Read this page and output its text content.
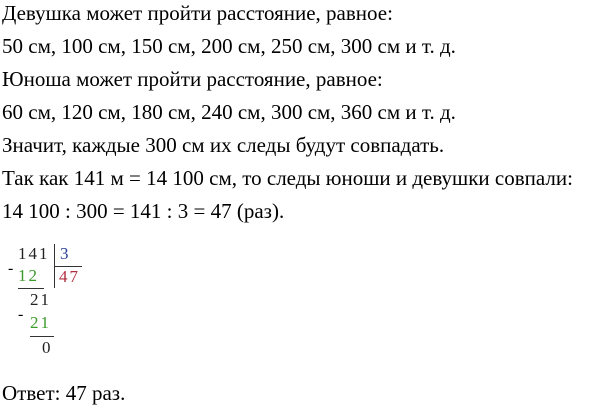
Девушка может пройти расстояние, равное:
50 см, 100 см, 150 см, 200 см, 250 см, 300 см и т. д.
Юноша может пройти расстояние, равное:
60 см, 120 см, 180 см, 240 см, 300 см, 360 см и т. д.
Значит, каждые 300 см их следы будут совпадать.
Так как 141 м = 14 100 см, то следы юноши и девушки совпали:
14 100 : 300 = 141 : 3 = 47 (раз).
-
141 3
47
12
21
- 21
0
Ответ: 47 раз.
